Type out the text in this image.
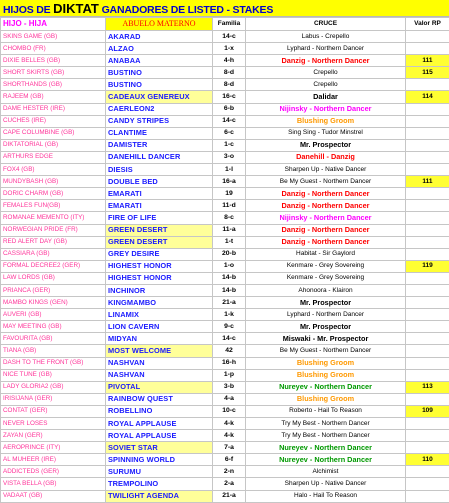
HIJOS DE DIKTAT GANADORES DE LISTED - STAKES
HIJO - HIJA	ABUELO MATERNO	Familia	CRUCE	Valor RP
SKINS GAME (GB)	AKARAD	14-c	Labus - Crepello	
CHOMBO (FR)	ALZAO	1-x	Lyphard - Northern Dancer	
DIXIE BELLES (GB)	ANABAA	4-h	Danzig - Northern Dancer	111
SHORT SKIRTS (GB)	BUSTINO	8-d	Crepello	115
SHORTHANDS (GB)	BUSTINO	8-d	Crepello	
RAJEEM (GB)	CADEAUX GENEREUX	16-c	Dalidar	114
DAME HESTER (IRE)	CAERLEON2	6-b	Nijinsky - Northern Dancer	
CUCHES (IRE)	CANDY STRIPES	14-c	Blushing Groom	
CAPE COLUMBINE (GB)	CLANTIME	6-c	Sing Sing - Tudor Minstrel	
DIKTATORIAL (GB)	DAMISTER	1-c	Mr. Prospector	
ARTHURS EDGE	DANEHILL DANCER	3-o	Danehill - Danzig	
FOX4 (GB)	DIESIS	1-l	Sharpen Up - Native Dancer	
MUNDYBASH (GB)	DOUBLE BED	16-a	Be My Guest - Northern Dancer	111
DORIC CHARM (GB)	EMARATI	19	Danzig - Northern Dancer	
FEMALES FUN(GB)	EMARATI	11-d	Danzig - Northern Dancer	
ROMANAE MEMENTO (ITY)	FIRE OF LIFE	8-c	Nijinsky - Northern Dancer	
NORWEGIAN PRIDE (FR)	GREEN DESERT	11-a	Danzig - Northern Dancer	
RED ALERT DAY (GB)	GREEN DESERT	1-t	Danzig - Northern Dancer	
CASSIARA (GB)	GREY DESIRE	20-b	Habitat - Sir Gaylord	
FORMAL DECREE2 (GER)	HIGHEST HONOR	1-o	Kenmare - Grey Sovereing	119
LAW LORDS (GB)	HIGHEST HONOR	14-b	Kenmare - Grey Sovereing	
PRIANCA (GER)	INCHINOR	14-b	Ahonoora - Klairon	
MAMBO KINGS (GEN)	KINGMAMBO	21-a	Mr. Prospector	
AUVERI (GB)	LINAMIX	1-k	Lyphard - Northern Dancer	
MAY MEETING (GB)	LION CAVERN	9-c	Mr. Prospector	
FAVOURITA (GB)	MIDYAN	14-c	Miswaki - Mr. Prospector	
TIANA (GB)	MOST WELCOME	42	Be My Guest - Northern Dancer	
DASH TO THE FRONT (GB)	NASHVAN	16-h	Blushing Groom	
NICE TUNE (GB)	NASHVAN	1-p	Blushing Groom	
LADY GLORIA2 (GB)	PIVOTAL	3-b	Nureyev - Northern Dancer	113
IRISIJANA (GER)	RAINBOW QUEST	4-a	Blushing Groom	
CONTAT (GER)	ROBELLINO	10-c	Roberto - Hail To Reason	109
NEVER LOSES	ROYAL APPLAUSE	4-k	Try My Best - Northern Dancer	
ZAYAN (GER)	ROYAL APPLAUSE	4-k	Try My Best - Northern Dancer	
AEROPRINCE (ITY)	SOVIET STAR	7-a	Nureyev - Northern Dancer	
AL MUHEER (IRE)	SPINNING WORLD	6-f	Nureyev - Northern Dancer	110
ADDICTEDS (GER)	SURUMU	2-n	Alchimist	
VISTA BELLA (GB)	TREMPOLINO	2-a	Sharpen Up - Native Dancer	
VADAAT (GB)	TWILIGHT AGENDA	21-a	Halo - Hail To Reason	
